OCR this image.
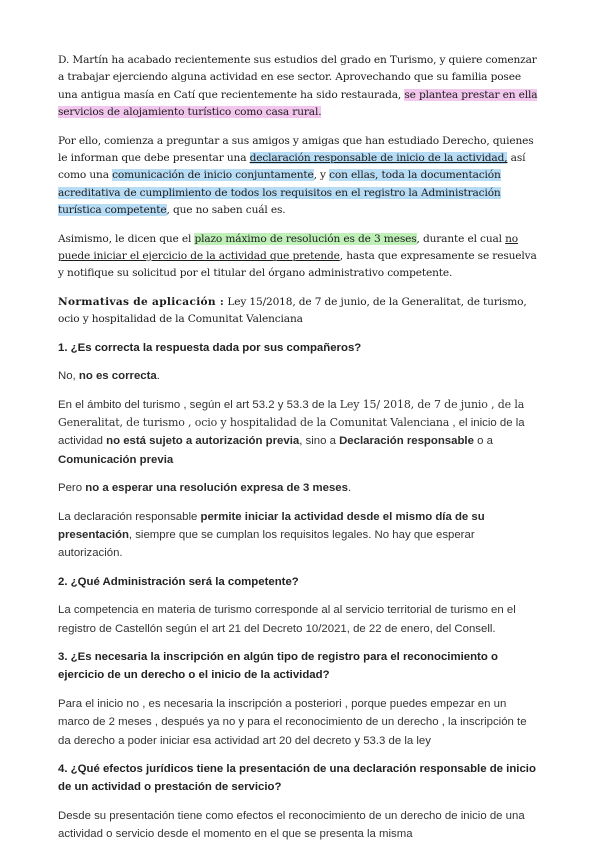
D. Martín ha acabado recientemente sus estudios del grado en Turismo, y quiere comenzar a trabajar ejerciendo alguna actividad en ese sector. Aprovechando que su familia posee una antigua masía en Catí que recientemente ha sido restaurada, se plantea prestar en ella servicios de alojamiento turístico como casa rural.

Por ello, comienza a preguntar a sus amigos y amigas que han estudiado Derecho, quienes le informan que debe presentar una declaración responsable de inicio de la actividad, así como una comunicación de inicio conjuntamente, y con ellas, toda la documentación acreditativa de cumplimiento de todos los requisitos en el registro la Administración turística competente, que no saben cuál es.

Asimismo, le dicen que el plazo máximo de resolución es de 3 meses, durante el cual no puede iniciar el ejercicio de la actividad que pretende, hasta que expresamente se resuelva y notifique su solicitud por el titular del órgano administrativo competente.

Normativas de aplicación : Ley 15/2018, de 7 de junio, de la Generalitat, de turismo, ocio y hospitalidad de la Comunitat Valenciana

1. ¿Es correcta la respuesta dada por sus compañeros?

No, no es correcta.

En el ámbito del turismo , según el art 53.2 y 53.3 de la Ley 15/ 2018, de 7 de junio , de la Generalitat, de turismo , ocio y hospitalidad de la Comunitat Valenciana , el inicio de la actividad no está sujeto a autorización previa, sino a Declaración responsable o a Comunicación previa

Pero no a esperar una resolución expresa de 3 meses.

La declaración responsable permite iniciar la actividad desde el mismo día de su presentación, siempre que se cumplan los requisitos legales. No hay que esperar autorización.

2. ¿Qué Administración será la competente?

La competencia en materia de turismo corresponde al al servicio territorial de turismo en el registro de Castellón según el art 21 del Decreto 10/2021, de 22 de enero, del Consell.

3. ¿Es necesaria la inscripción en algún tipo de registro para el reconocimiento o ejercicio de un derecho o el inicio de la actividad?

Para el inicio no , es necesaria la inscripción a posteriori , porque puedes empezar en un marco de 2 meses , después ya no y para el reconocimiento de un derecho , la inscripción te da derecho a poder iniciar esa actividad art 20 del decreto y 53.3 de la ley

4. ¿Qué efectos jurídicos tiene la presentación de una declaración responsable de inicio de un actividad o prestación de servicio?

Desde su presentación tiene como efectos el reconocimiento de un derecho de inicio de una actividad o servicio desde el momento en el que se presenta la misma
